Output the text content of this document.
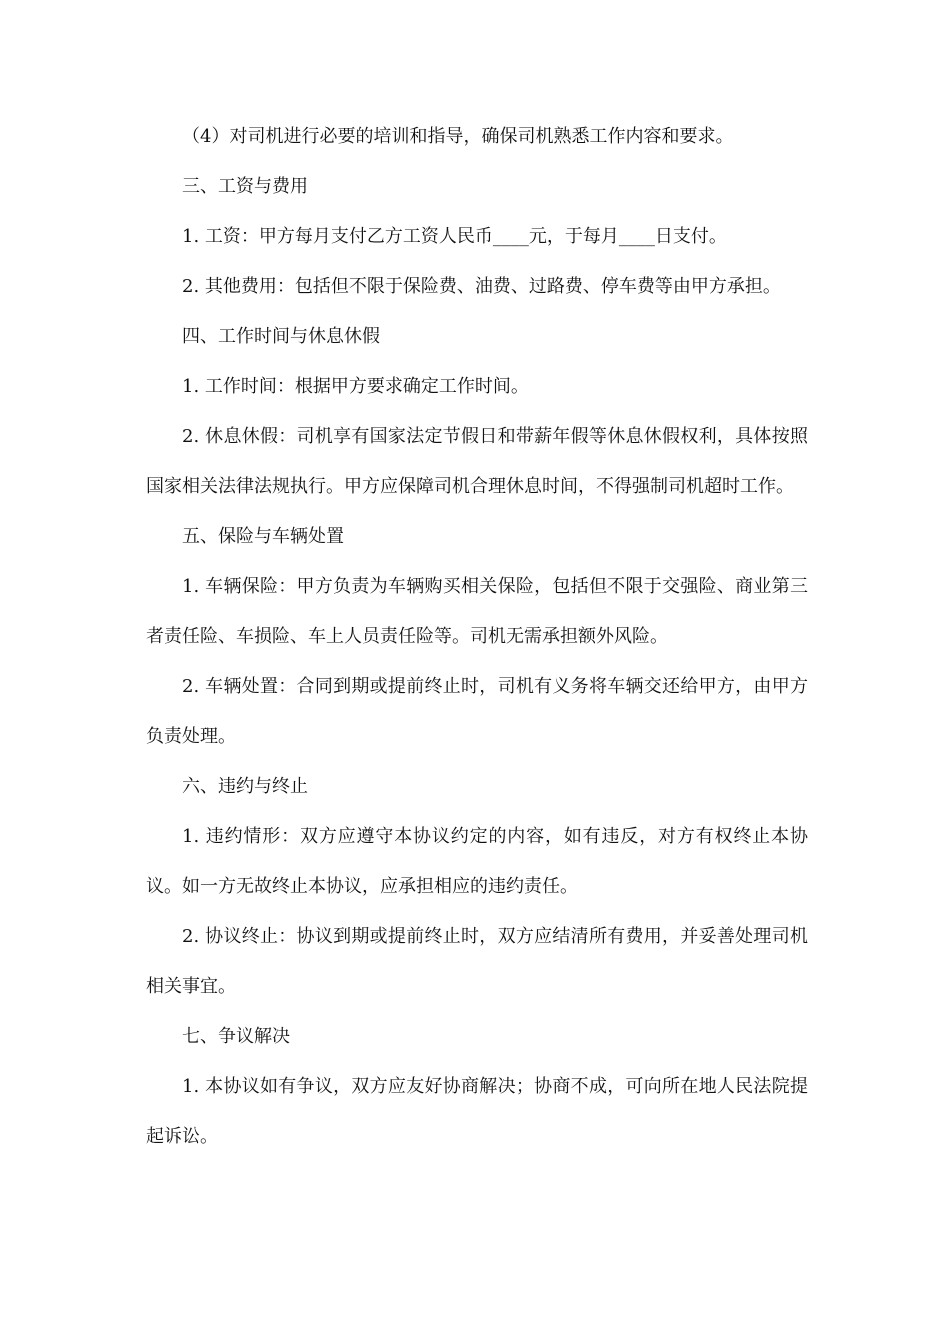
（4）对司机进行必要的培训和指导，确保司机熟悉工作内容和要求。

三、工资与费用

1. 工资：甲方每月支付乙方工资人民币____元，于每月____日支付。

2. 其他费用：包括但不限于保险费、油费、过路费、停车费等由甲方承担。

四、工作时间与休息休假

1. 工作时间：根据甲方要求确定工作时间。

2. 休息休假：司机享有国家法定节假日和带薪年假等休息休假权利，具体按照国家相关法律法规执行。甲方应保障司机合理休息时间，不得强制司机超时工作。

五、保险与车辆处置

1. 车辆保险：甲方负责为车辆购买相关保险，包括但不限于交强险、商业第三者责任险、车损险、车上人员责任险等。司机无需承担额外风险。

2. 车辆处置：合同到期或提前终止时，司机有义务将车辆交还给甲方，由甲方负责处理。

六、违约与终止

1. 违约情形：双方应遵守本协议约定的内容，如有违反，对方有权终止本协议。如一方无故终止本协议，应承担相应的违约责任。

2. 协议终止：协议到期或提前终止时，双方应结清所有费用，并妥善处理司机相关事宜。

七、争议解决

1. 本协议如有争议，双方应友好协商解决；协商不成，可向所在地人民法院提起诉讼。
